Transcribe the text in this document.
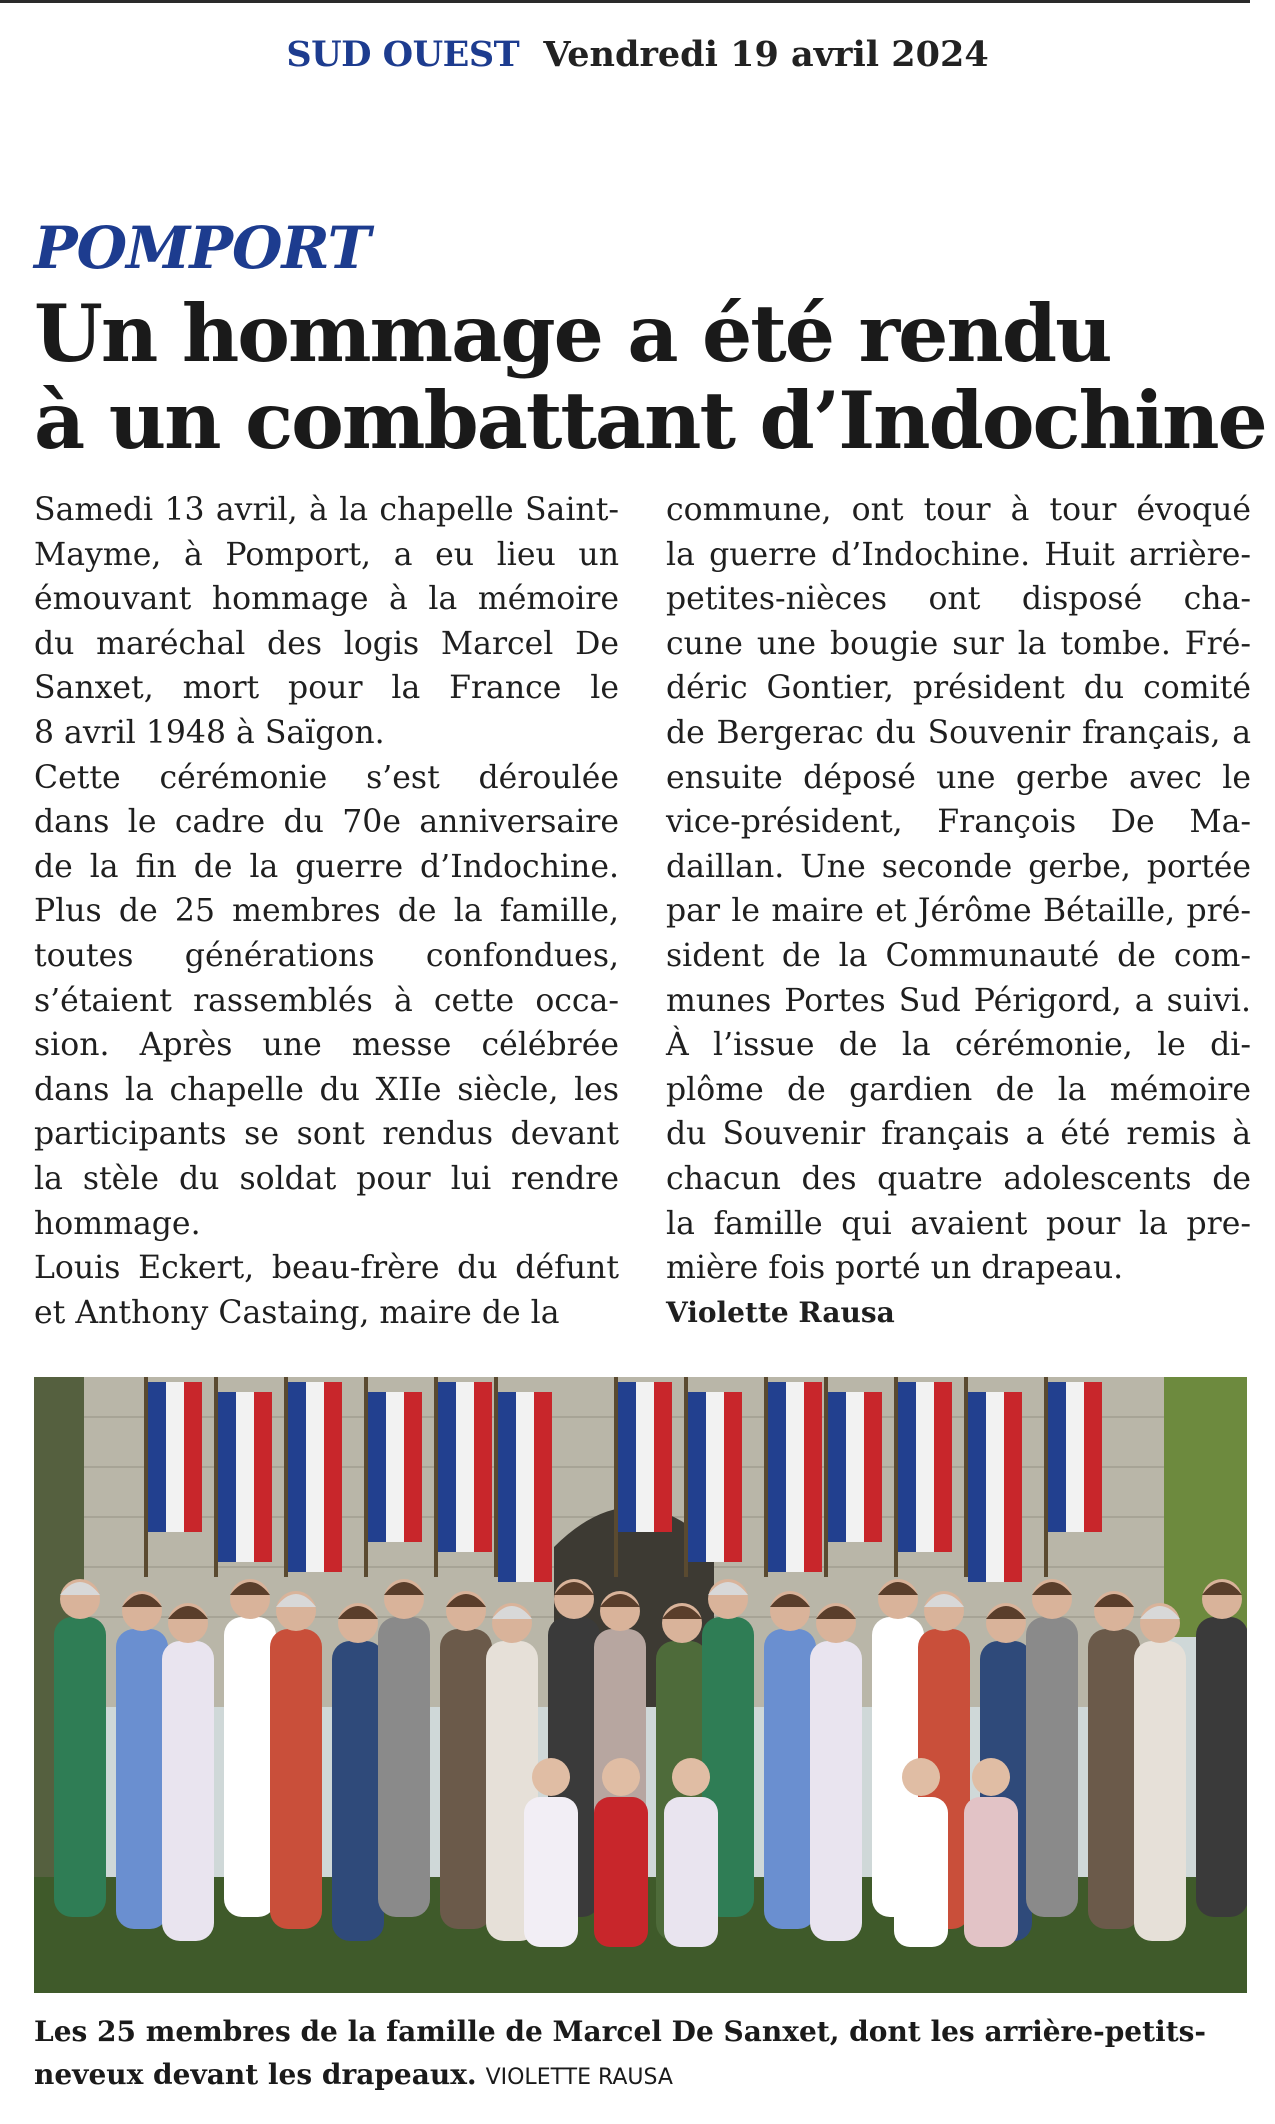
SUD OUEST Vendredi 19 avril 2024
POMPORT
Un hommage a été rendu
à un combattant d’Indochine
Samedi 13 avril, à la chapelle Saint-
Mayme, à Pomport, a eu lieu un
émouvant hommage à la mémoire
du maréchal des logis Marcel De
Sanxet, mort pour la France le
8 avril 1948 à Saïgon.
Cette cérémonie s’est déroulée
dans le cadre du 70e anniversaire
de la fin de la guerre d’Indochine.
Plus de 25 membres de la famille,
toutes générations confondues,
s’étaient rassemblés à cette occa-
sion. Après une messe célébrée
dans la chapelle du XIIe siècle, les
participants se sont rendus devant
la stèle du soldat pour lui rendre
hommage.
Louis Eckert, beau-frère du défunt
et Anthony Castaing, maire de la
commune, ont tour à tour évoqué
la guerre d’Indochine. Huit arrière-
petites-nièces ont disposé cha-
cune une bougie sur la tombe. Fré-
déric Gontier, président du comité
de Bergerac du Souvenir français, a
ensuite déposé une gerbe avec le
vice-président, François De Ma-
daillan. Une seconde gerbe, portée
par le maire et Jérôme Bétaille, pré-
sident de la Communauté de com-
munes Portes Sud Périgord, a suivi.
À l’issue de la cérémonie, le di-
plôme de gardien de la mémoire
du Souvenir français a été remis à
chacun des quatre adolescents de
la famille qui avaient pour la pre-
mière fois porté un drapeau.
Violette Rausa
Les 25 membres de la famille de Marcel De Sanxet, dont les arrière-petits-neveux devant les drapeaux. VIOLETTE RAUSA
